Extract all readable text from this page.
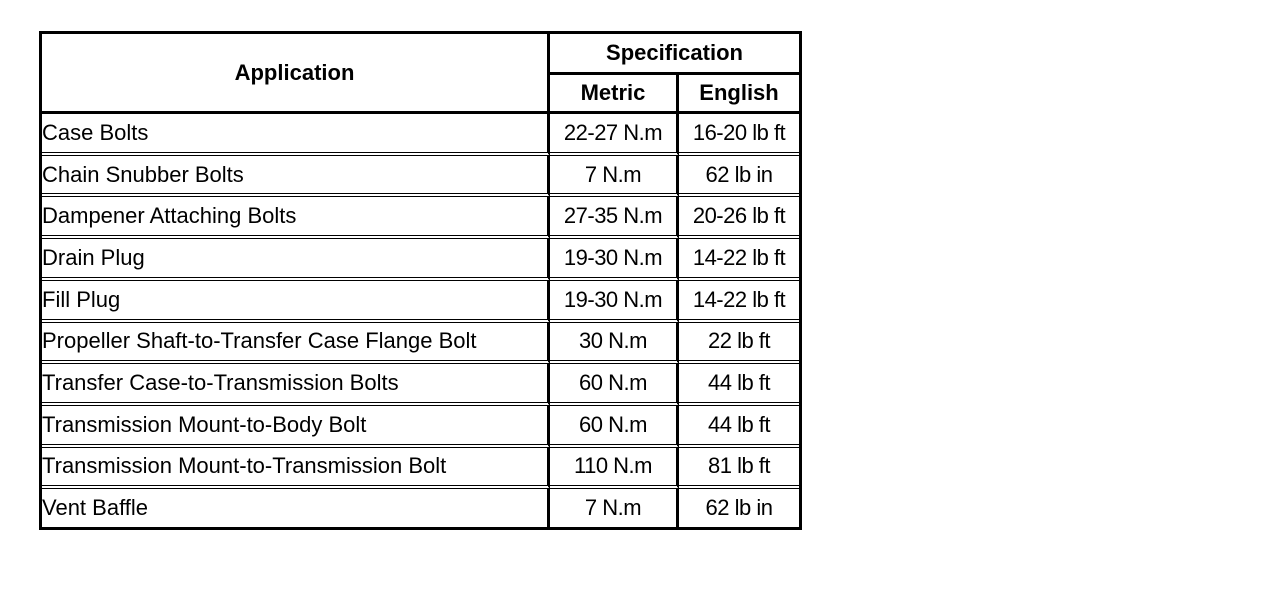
Application	Specification	
	Metric	English
Case Bolts	22-27 N.m	16-20 lb ft
Chain Snubber Bolts	7 N.m	62 lb in
Dampener Attaching Bolts	27-35 N.m	20-26 lb ft
Drain Plug	19-30 N.m	14-22 lb ft
Fill Plug	19-30 N.m	14-22 lb ft
Propeller Shaft-to-Transfer Case Flange Bolt	30 N.m	22 lb ft
Transfer Case-to-Transmission Bolts	60 N.m	44 lb ft
Transmission Mount-to-Body Bolt	60 N.m	44 lb ft
Transmission Mount-to-Transmission Bolt	110 N.m	81 lb ft
Vent Baffle	7 N.m	62 lb in
